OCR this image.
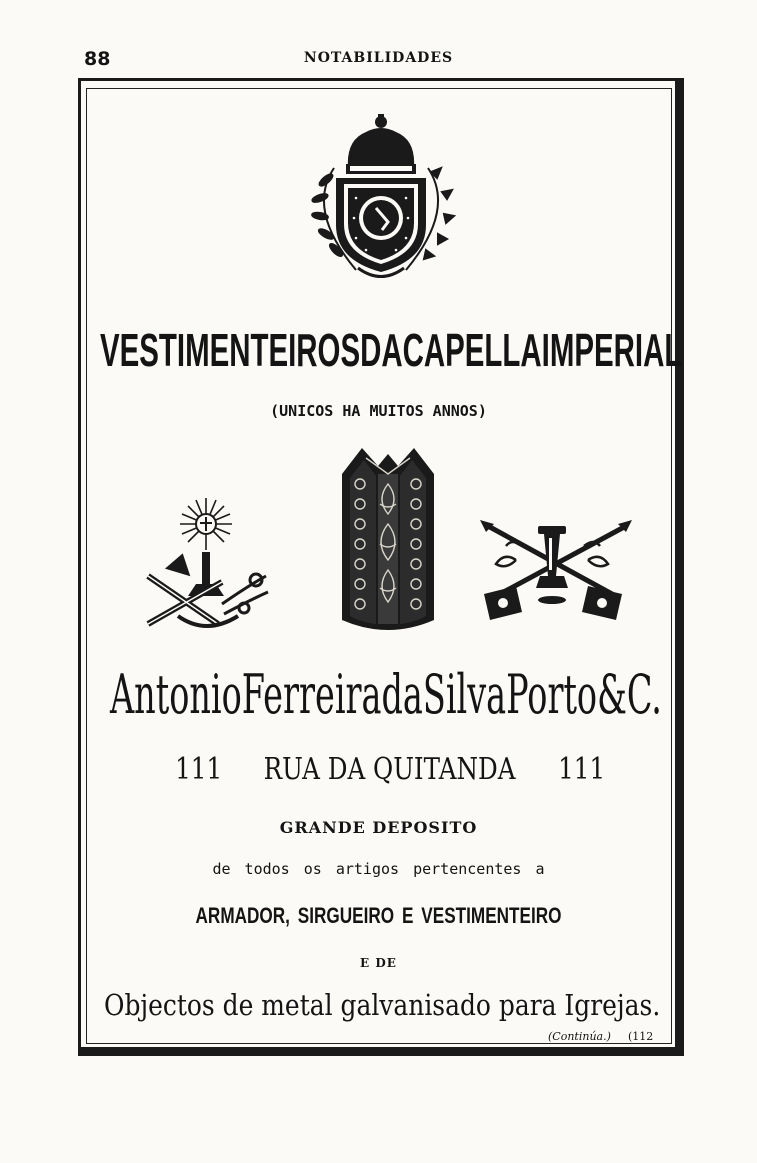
88	NOTABILIDADES
VESTIMENTEIROS DA CAPELLA IMPERIAL
(UNICOS HA MUITOS ANNOS)
Antonio Ferreira da Silva Porto & C.
111 RUA DA QUITANDA 111
GRANDE DEPOSITO
de todos os artigos pertencentes a
ARMADOR, SIRGUEIRO E VESTIMENTEIRO
E DE
Objectos de metal galvanisado para Igrejas.
(Continúa.) (112
